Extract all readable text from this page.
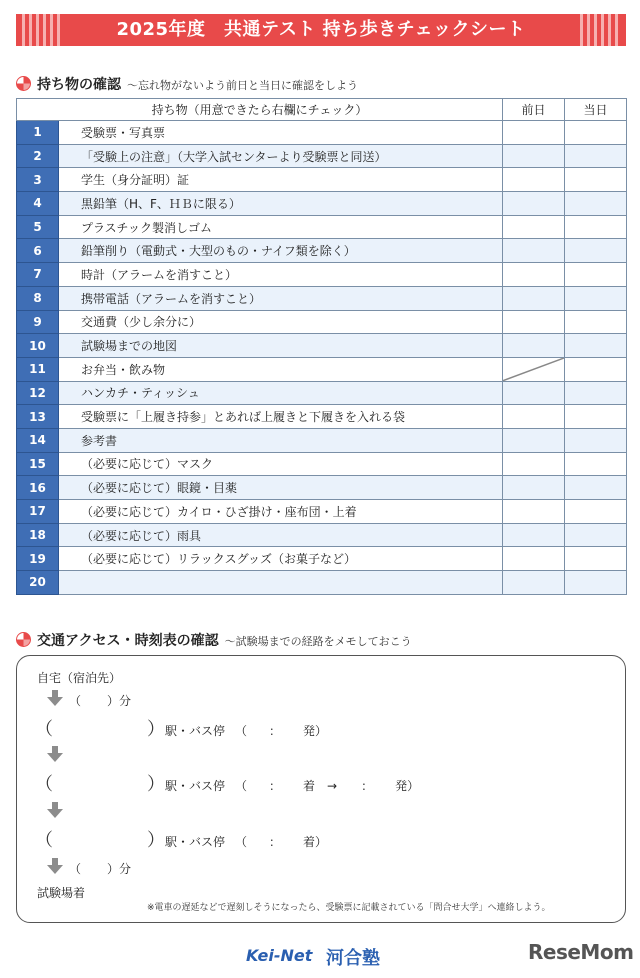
2025年度　共通テスト 持ち歩きチェックシート
持ち物の確認 ～忘れ物がないよう前日と当日に確認をしよう
持ち物（用意できたら右欄にチェック）		前日	当日
1	受験票・写真票		
2	「受験上の注意」（大学入試センターより受験票と同送）		
3	学生（身分証明）証		
4	黒鉛筆（H、F、ＨＢに限る）		
5	プラスチック製消しゴム		
6	鉛筆削り（電動式・大型のもの・ナイフ類を除く）		
7	時計（アラームを消すこと）		
8	携帯電話（アラームを消すこと）		
9	交通費（少し余分に）		
10	試験場までの地図		
11	お弁当・飲み物	

12	ハンカチ・ティッシュ		
13	受験票に「上履き持参」とあれば上履きと下履きを入れる袋		
14	参考書		
15	（必要に応じて）マスク		
16	（必要に応じて）眼鏡・目薬		
17	（必要に応じて）カイロ・ひざ掛け・座布団・上着		
18	（必要に応じて）雨具		
19	（必要に応じて）リラックスグッズ（お菓子など）		
20			
交通アクセス・時刻表の確認 ～試験場までの経路をメモしておこう
自宅（宿泊先）
（ ）分
（	） 駅・バス停 （ ： 発）
（	） 駅・バス停 （ ： 着 → ： 発）
（	） 駅・バス停 （ ： 着）
（ ）分
試験場着
※電車の遅延などで遅刻しそうになったら、受験票に記載されている「問合せ大学」へ連絡しよう。
Kei-Net 河合塾	ReseMom
